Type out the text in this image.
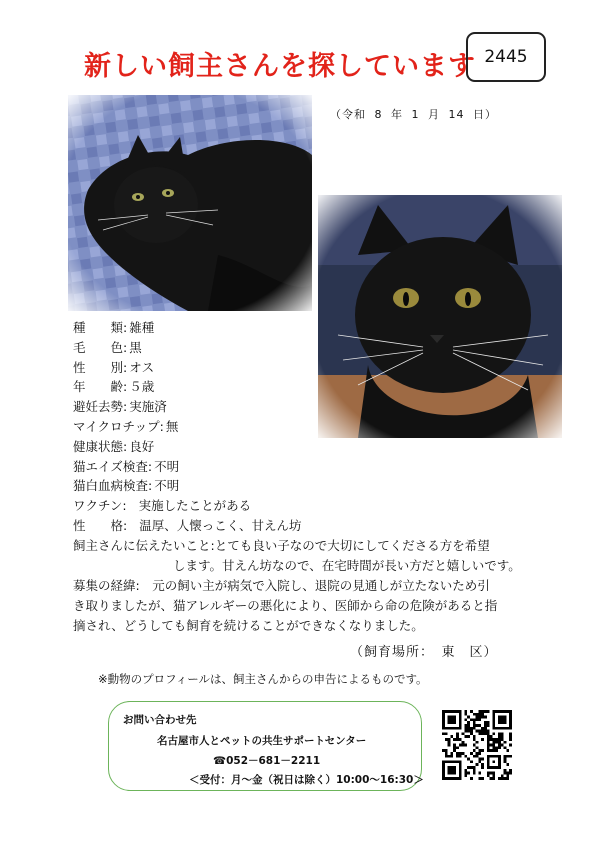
新しい飼主さんを探しています 2445
（令和 8 年 1 月 14 日）
種　　類: 雑種
毛　　色: 黒
性　　別: オス
年　　齢: ５歳
避妊去勢: 実施済
マイクロチップ: 無
健康状態: 良好
猫エイズ検査: 不明
猫白血病検査: 不明
ワクチン: 実施したことがある
性　　格: 温厚、人懐っこく、甘えん坊
飼主さんに伝えたいこと:とても良い子なので大切にしてくださる方を希望
します。甘えん坊なので、在宅時間が長い方だと嬉しいです。
募集の経緯:　元の飼い主が病気で入院し、退院の見通しが立たないため引
き取りましたが、猫アレルギーの悪化により、医師から命の危険があると指
摘され、どうしても飼育を続けることができなくなりました。
（飼育場所：　東　区）
※動物のプロフィールは、飼主さんからの申告によるものです。
お問い合わせ先
名古屋市人とペットの共生サポートセンター
☎052－681－2211
＜受付：月～金（祝日は除く）10:00～16:30＞
